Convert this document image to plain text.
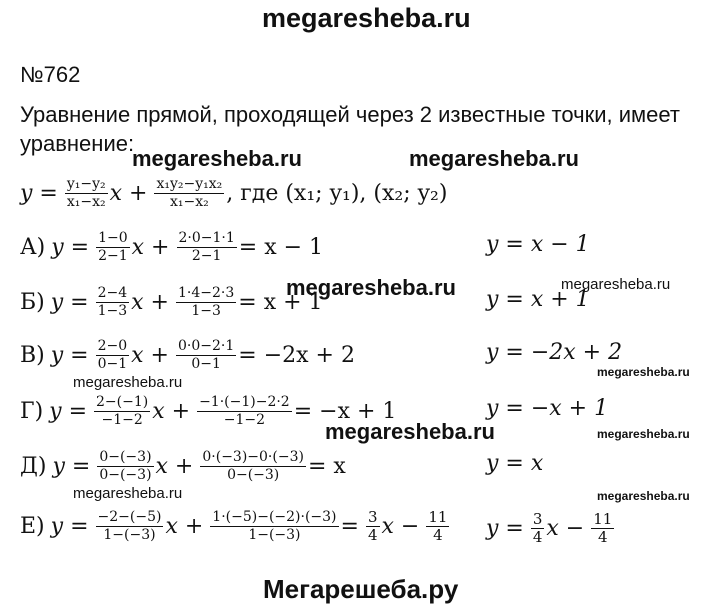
megaresheba.ru
№762
Уравнение прямой, проходящей через 2 известные точки, имеет уравнение:
$y = \frac{\text{y₁−y₂}}{\text{x₁−x₂}}$ $x + \frac{\text{x₁y₂−y₁x₂}}{\text{x₁−x₂}}$ , где (x₁; y₁), (x₂; y₂)
А) $y = \frac{1-0}{2-1}$ $x + \frac{2\cdot 0-1\cdot 1}{2-1} = x - 1$	y = x − 1
Б) $y = \frac{2-4}{1-3}$ $x + \frac{1\cdot 4-2\cdot 3}{1-3} = x + 1$	y = x + 1
В) $y = \frac{2-0}{0-1}$ $x + \frac{0\cdot 0-2\cdot 1}{0-1} = -2x + 2$	y = −2x + 2
Г) $y = \frac{2-(-1)}{-1-2}$ $x + \frac{-1\cdot(-1)-2\cdot 2}{-1-2} = -x + 1$	y = −x + 1
Д) $y = \frac{0-(-3)}{0-(-3)}$ $x + \frac{0\cdot(-3)-0\cdot(-3)}{0-(-3)} = x$	y = x
Е) $y = \frac{-2-(-5)}{1-(-3)}$ $x + \frac{1\cdot(-5)-(-2)\cdot(-3)}{1-(-3)} = \frac{3}{4}$ $x - \frac{11}{4}$ $y = \frac{3}{4}$ $x - \frac{11}{4}$
megaresheba.ru	megaresheba.ru
megaresheba.ru	megaresheba.ru
megaresheba.ru
megaresheba.ru
megaresheba.ru	megaresheba.ru
megaresheba.ru	megaresheba.ru
Мегарешеба.ру
